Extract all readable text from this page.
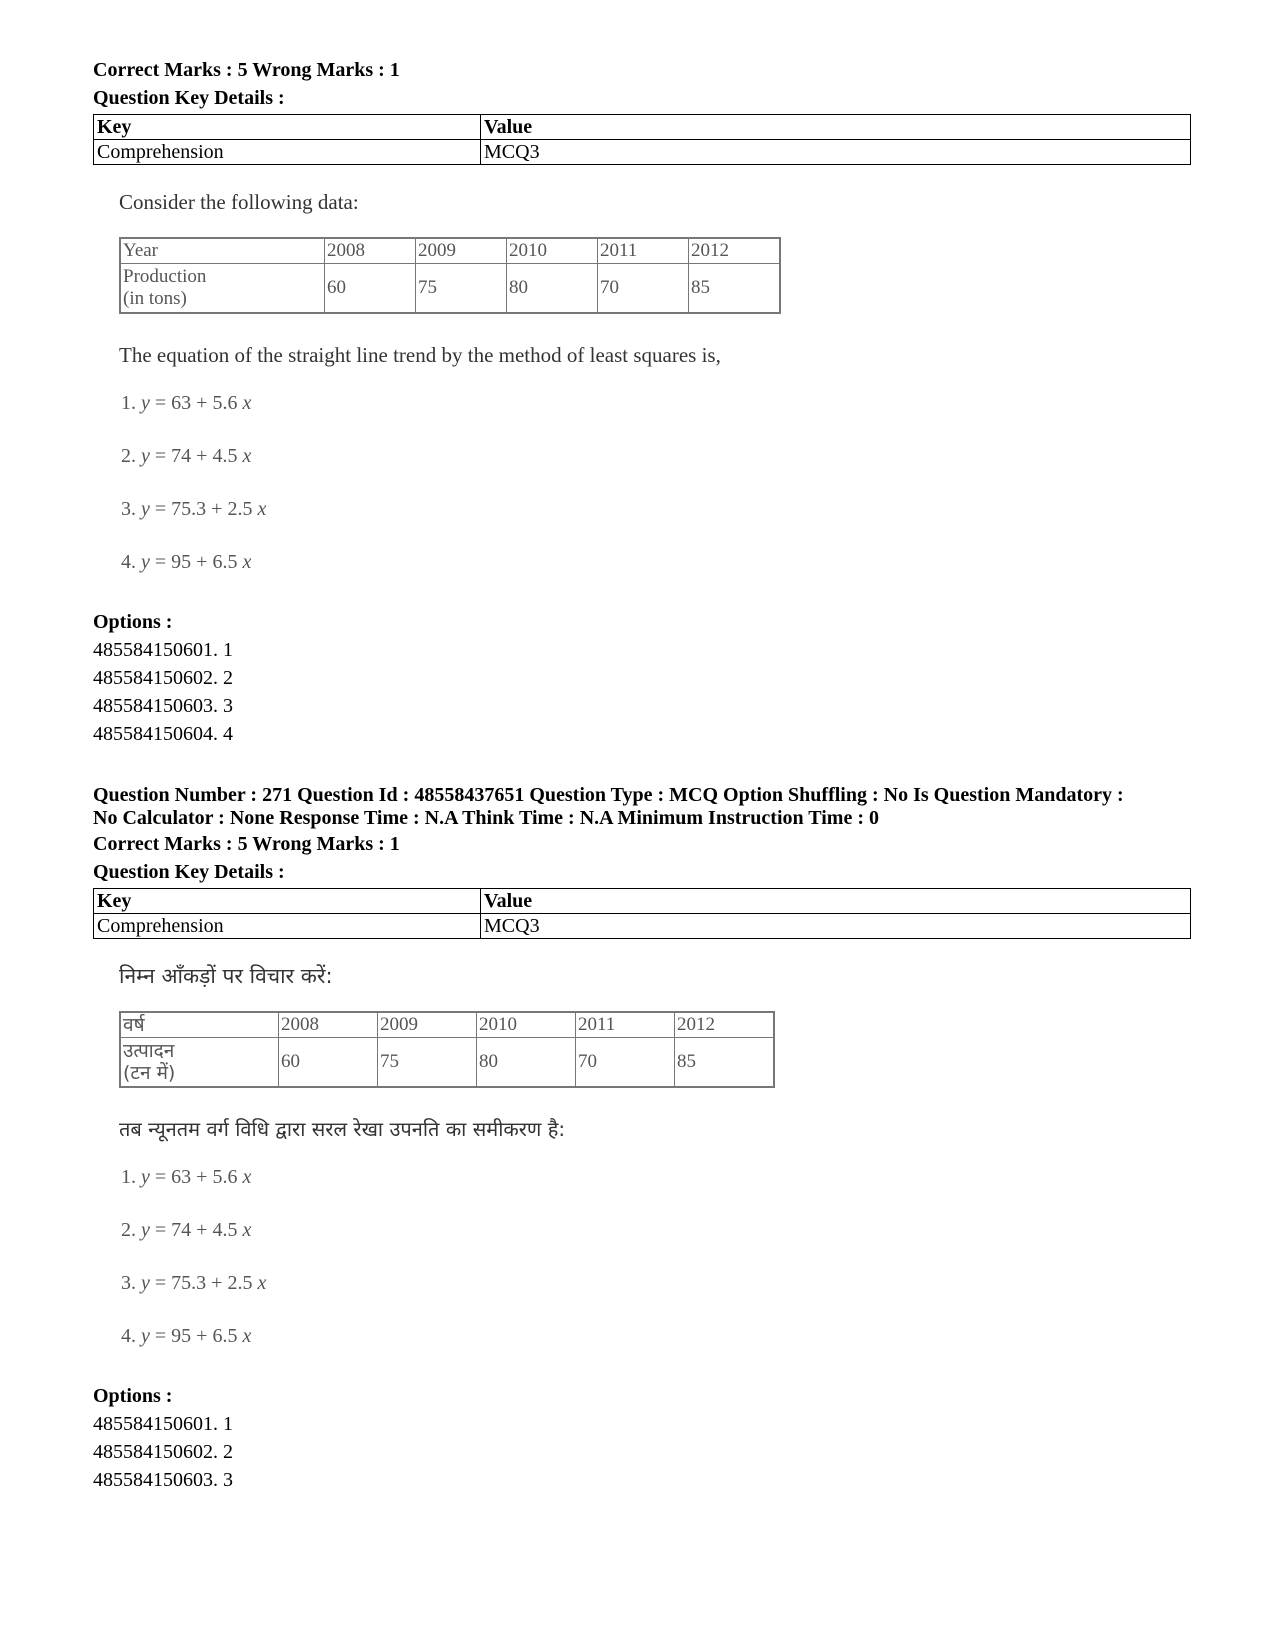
Correct Marks : 5 Wrong Marks : 1
Question Key Details :
Key	Value
Comprehension	MCQ3
Consider the following data:
Year	2008	2009	2010	2011	2012

Production
(in tons)	60	75	80	70	85
The equation of the straight line trend by the method of least squares is,
1. y = 63 + 5.6 x
2. y = 74 + 4.5 x
3. y = 75.3 + 2.5 x
4. y = 95 + 6.5 x
Options :
485584150601. 1
485584150602. 2
485584150603. 3
485584150604. 4
Question Number : 271 Question Id : 48558437651 Question Type : MCQ Option Shuffling : No Is Question Mandatory :
No Calculator : None Response Time : N.A Think Time : N.A Minimum Instruction Time : 0
Correct Marks : 5 Wrong Marks : 1
Question Key Details :
Key	Value
Comprehension	MCQ3
निम्न आँकड़ों पर विचार करें:
वर्ष	2008	2009	2010	2011	2012

उत्पादन
(टन में)	60	75	80	70	85
तब न्यूनतम वर्ग विधि द्वारा सरल रेखा उपनति का समीकरण है:
1. y = 63 + 5.6 x
2. y = 74 + 4.5 x
3. y = 75.3 + 2.5 x
4. y = 95 + 6.5 x
Options :
485584150601. 1
485584150602. 2
485584150603. 3
